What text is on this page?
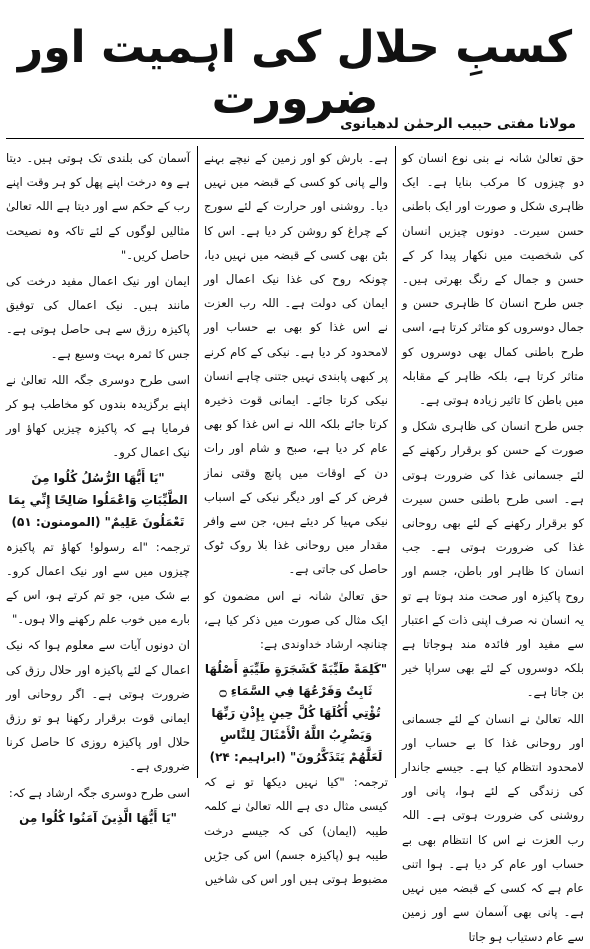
کسبِ حلال کی اہمیت اور ضرورت
مولانا مفتی حبیب الرحمٰن لدھیانوی

حق تعالیٰ شانہ نے بنی نوع انسان کو دو چیزوں کا مرکب بنایا ہے۔ ایک ظاہری شکل و صورت اور ایک باطنی حسن سیرت۔ دونوں چیزیں انسان کی شخصیت میں نکھار پیدا کر کے حسن و جمال کے رنگ بھرتی ہیں۔ جس طرح انسان کا ظاہری حسن و جمال دوسروں کو متاثر کرتا ہے، اسی طرح باطنی کمال بھی دوسروں کو متاثر کرتا ہے، بلکہ ظاہر کے مقابلہ میں باطن کا تاثیر زیادہ ہوتی ہے۔

جس طرح انسان کی ظاہری شکل و صورت کے حسن کو برقرار رکھنے کے لئے جسمانی غذا کی ضرورت ہوتی ہے۔ اسی طرح باطنی حسن سیرت کو برقرار رکھنے کے لئے بھی روحانی غذا کی ضرورت ہوتی ہے۔ جب انسان کا ظاہر اور باطن، جسم اور روح پاکیزہ اور صحت مند ہوتا ہے تو یہ انسان نہ صرف اپنی ذات کے اعتبار سے مفید اور فائدہ مند ہوجاتا ہے بلکہ دوسروں کے لئے بھی سراپا خیر بن جاتا ہے۔

اللہ تعالیٰ نے انسان کے لئے جسمانی اور روحانی غذا کا بے حساب اور لامحدود انتظام کیا ہے۔ جیسے جاندار کی زندگی کے لئے ہوا، پانی اور روشنی کی ضرورت ہوتی ہے۔ اللہ رب العزت نے اس کا انتظام بھی بے حساب اور عام کر دیا ہے۔ ہوا اتنی عام ہے کہ کسی کے قبضہ میں نہیں ہے۔ پانی بھی آسمان سے اور زمین سے عام دستیاب ہو جاتا

ہے۔ بارش کو اور زمین کے نیچے بہنے والے پانی کو کسی کے قبضہ میں نہیں دیا۔ روشنی اور حرارت کے لئے سورج کے چراغ کو روشن کر دیا ہے۔ اس کا بٹن بھی کسی کے قبضہ میں نہیں دیا، چونکہ روح کی غذا نیک اعمال اور ایمان کی دولت ہے۔ اللہ رب العزت نے اس غذا کو بھی بے حساب اور لامحدود کر دیا ہے۔ نیکی کے کام کرنے پر کبھی پابندی نہیں جتنی چاہے انسان نیکی کرتا جائے۔ ایمانی قوت ذخیرہ کرتا جائے بلکہ اللہ نے اس غذا کو بھی عام کر دیا ہے، صبح و شام اور رات دن کے اوقات میں پانچ وقتی نماز فرض کر کے اور دیگر نیکی کے اسباب نیکی مہیا کر دیئے ہیں، جن سے وافر مقدار میں روحانی غذا بلا روک ٹوک حاصل کی جاتی ہے۔

حق تعالیٰ شانہ نے اس مضمون کو ایک مثال کی صورت میں ذکر کیا ہے، چنانچہ ارشاد خداوندی ہے:

"كَلِمَةً طَيِّبَةً كَشَجَرَةٍ طَيِّبَةٍ أَصْلُهَا ثَابِتٌ وَفَرْعُهَا فِي السَّمَاءِ ۝ تُؤْتِي أُكُلَهَا كُلَّ حِينٍ بِإِذْنِ رَبِّهَا وَيَضْرِبُ اللَّهُ الْأَمْثَالَ لِلنَّاسِ لَعَلَّهُمْ يَتَذَكَّرُونَ" (ابراہیم: ۲۴)

ترجمہ: "کیا نہیں دیکھا تو نے کہ کیسی مثال دی ہے اللہ تعالیٰ نے کلمہ طیبہ (ایمان) کی کہ جیسے درخت طیبہ ہو (پاکیزہ جسم) اس کی جڑیں مضبوط ہوتی ہیں اور اس کی شاخیں

آسمان کی بلندی تک ہوتی ہیں۔ دیتا ہے وہ درخت اپنے پھل کو ہر وقت اپنے رب کے حکم سے اور دیتا ہے اللہ تعالیٰ مثالیں لوگوں کے لئے تاکہ وہ نصیحت حاصل کریں۔"

ایمان اور نیک اعمال مفید درخت کی مانند ہیں۔ نیک اعمال کی توفیق پاکیزہ رزق سے ہی حاصل ہوتی ہے۔ جس کا ثمرہ بہت وسیع ہے۔

اسی طرح دوسری جگہ اللہ تعالیٰ نے اپنے برگزیدہ بندوں کو مخاطب ہو کر فرمایا ہے کہ پاکیزہ چیزیں کھاؤ اور نیک اعمال کرو۔

"يَا أَيُّهَا الرُّسُلُ كُلُوا مِنَ الطَّيِّبَاتِ وَاعْمَلُوا صَالِحًا إِنِّي بِمَا تَعْمَلُونَ عَلِيمٌ" (المومنون: ۵۱)

ترجمہ: "اے رسولو! کھاؤ تم پاکیزہ چیزوں میں سے اور نیک اعمال کرو۔ بے شک میں، جو تم کرتے ہو، اس کے بارے میں خوب علم رکھنے والا ہوں۔"

ان دونوں آیات سے معلوم ہوا کہ نیک اعمال کے لئے پاکیزہ اور حلال رزق کی ضرورت ہوتی ہے۔ اگر روحانی اور ایمانی قوت برقرار رکھنا ہو تو رزق حلال اور پاکیزہ روزی کا حاصل کرنا ضروری ہے۔

اسی طرح دوسری جگہ ارشاد ہے کہ:

"يَا أَيُّهَا الَّذِينَ آمَنُوا كُلُوا مِن
